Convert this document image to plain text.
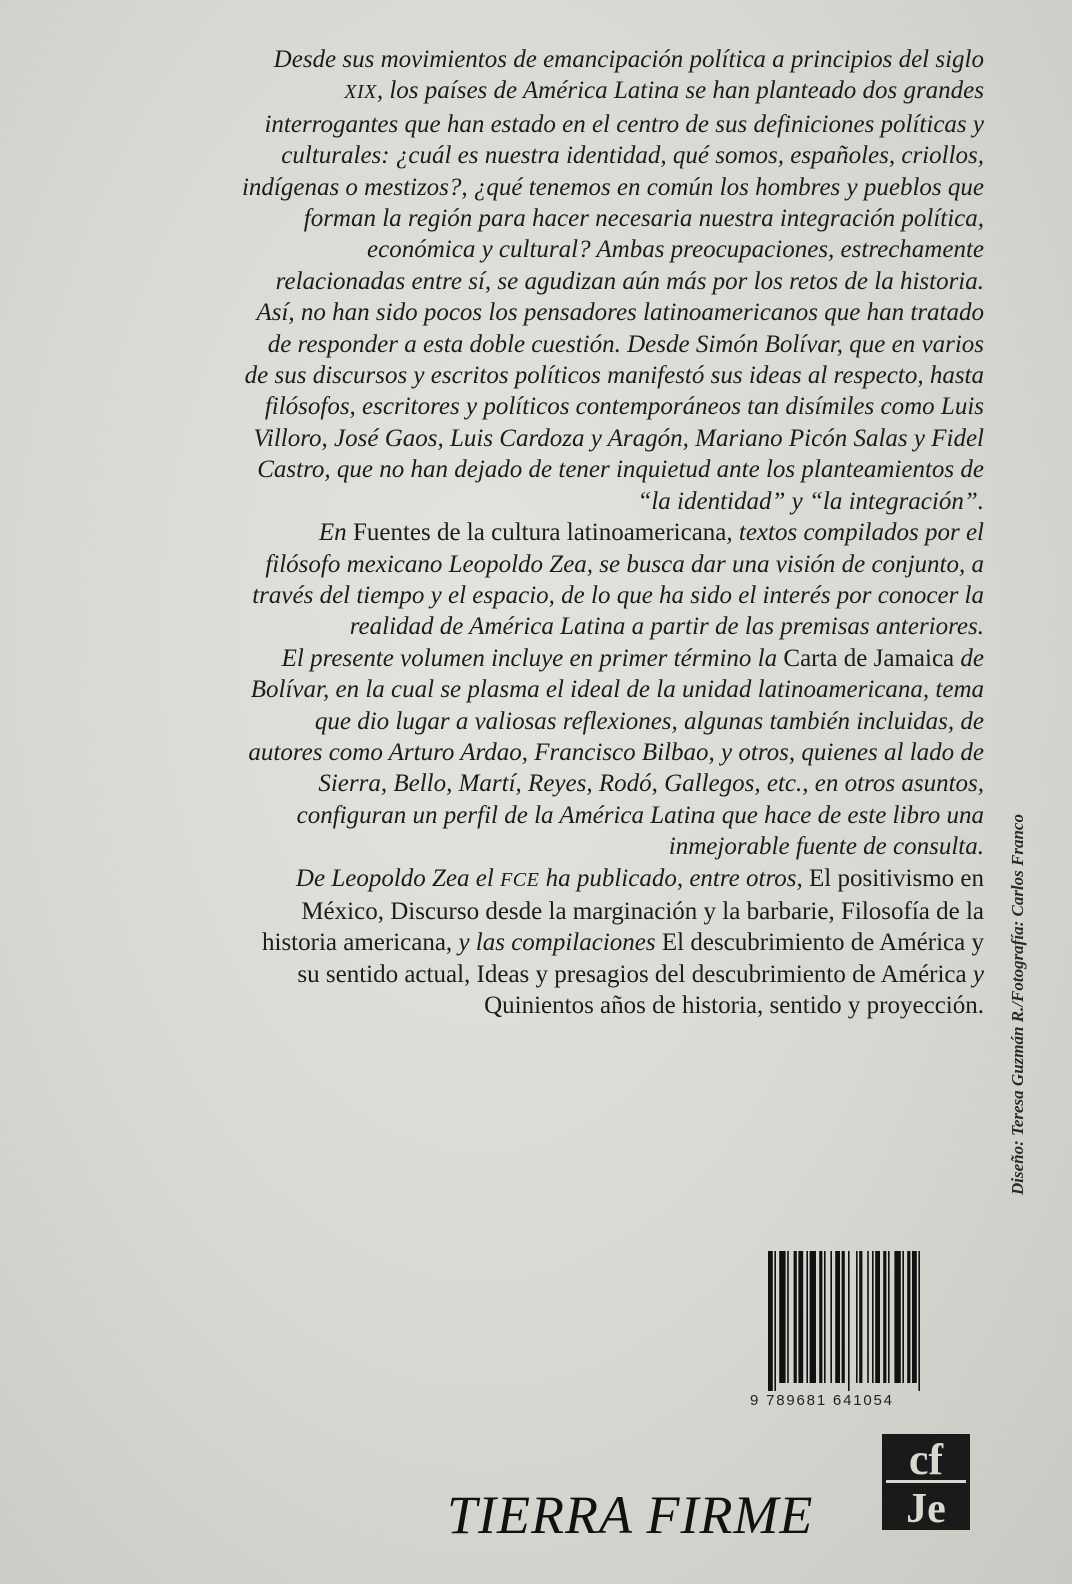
Desde sus movimientos de emancipación política a principios del siglo XIX, los países de América Latina se han planteado dos grandes interrogantes que han estado en el centro de sus definiciones políticas y culturales: ¿cuál es nuestra identidad, qué somos, españoles, criollos, indígenas o mestizos?, ¿qué tenemos en común los hombres y pueblos que forman la región para hacer necesaria nuestra integración política, económica y cultural? Ambas preocupaciones, estrechamente relacionadas entre sí, se agudizan aún más por los retos de la historia. Así, no han sido pocos los pensadores latinoamericanos que han tratado de responder a esta doble cuestión. Desde Simón Bolívar, que en varios de sus discursos y escritos políticos manifestó sus ideas al respecto, hasta filósofos, escritores y políticos contemporáneos tan disímiles como Luis Villoro, José Gaos, Luis Cardoza y Aragón, Mariano Picón Salas y Fidel Castro, que no han dejado de tener inquietud ante los planteamientos de “la identidad” y “la integración”.

En Fuentes de la cultura latinoamericana, textos compilados por el filósofo mexicano Leopoldo Zea, se busca dar una visión de conjunto, a través del tiempo y el espacio, de lo que ha sido el interés por conocer la realidad de América Latina a partir de las premisas anteriores.

El presente volumen incluye en primer término la Carta de Jamaica de Bolívar, en la cual se plasma el ideal de la unidad latinoamericana, tema que dio lugar a valiosas reflexiones, algunas también incluidas, de autores como Arturo Ardao, Francisco Bilbao, y otros, quienes al lado de Sierra, Bello, Martí, Reyes, Rodó, Gallegos, etc., en otros asuntos, configuran un perfil de la América Latina que hace de este libro una inmejorable fuente de consulta.

De Leopoldo Zea el FCE ha publicado, entre otros, El positivismo en México, Discurso desde la marginación y la barbarie, Filosofía de la historia americana, y las compilaciones El descubrimiento de América y su sentido actual, Ideas y presagios del descubrimiento de América y Quinientos años de historia, sentido y proyección. Diseño: Teresa Guzmán R./Fotografía: Carlos Franco
9 789681 641054
TIERRA FIRME
cf
Je
